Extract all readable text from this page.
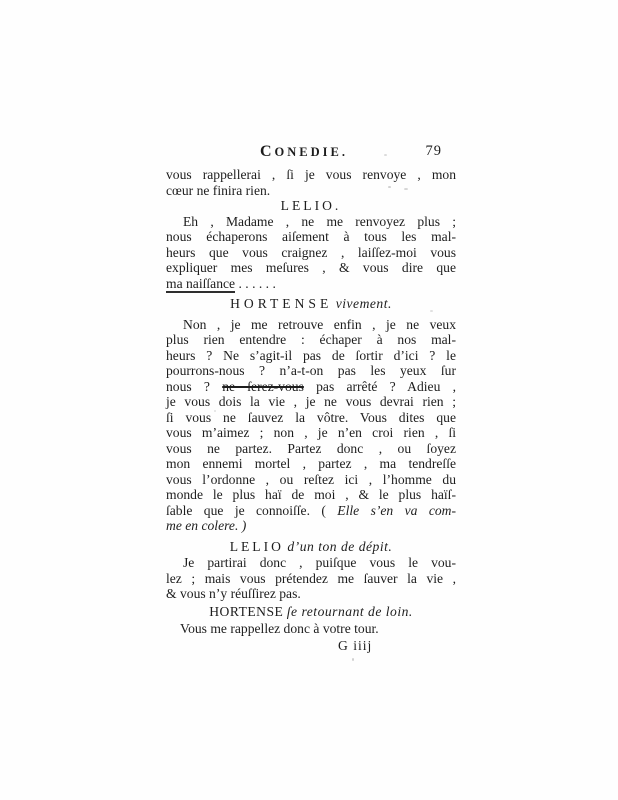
CONEDIE.	79
vous rappellerai , ſi je vous renvoye , mon
cœur ne finira rien.
LELIO.
Eh , Madame , ne me renvoyez plus ;
nous échaperons aiſement à tous les mal-
heurs que vous craignez , laiſſez-moi vous
expliquer mes meſures , & vous dire que
ma naiſſance . . . . . .
HORTENSE vivement.
Non , je me retrouve enfin , je ne veux
plus rien entendre : échaper à nos mal-
heurs ? Ne s’agit-il pas de ſortir d’ici ? le
pourrons-nous ? n’a-t-on pas les yeux ſur
nous ? ne ſerez-vous pas arrêté ? Adieu ,
je vous dois la vie , je ne vous devrai rien ;
ſi vous ne ſauvez la vôtre. Vous dites que
vous m’aimez ; non , je n’en croi rien , ſi
vous ne partez. Partez donc , ou ſoyez
mon ennemi mortel , partez , ma tendreſſe
vous l’ordonne , ou reſtez ici , l’homme du
monde le plus haï de moi , & le plus haïſ-
ſable que je connoiſſe. ( Elle s’en va com-
me en colere. )
LELIO d’un ton de dépit.
Je partirai donc , puiſque vous le vou-
lez ; mais vous prétendez me ſauver la vie ,
& vous n’y réuſſirez pas.
HORTENSE ſe retournant de loin.
Vous me rappellez donc à votre tour.
G iiij
